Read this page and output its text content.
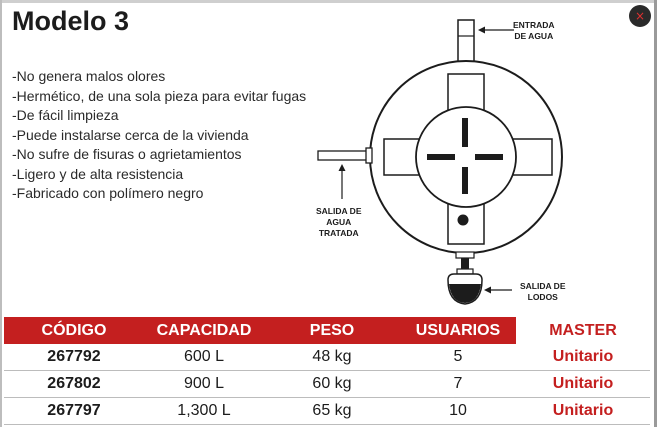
Modelo 3	×
-No genera malos olores
-Hermético, de una sola pieza para evitar fugas
-De fácil limpieza
-Puede instalarse cerca de la vivienda
-No sufre de fisuras o agrietamientos
-Ligero y de alta resistencia
-Fabricado con polímero negro
ENTRADA
DE AGUA
SALIDA DE
AGUA
TRATADA
SALIDA DE
LODOS
CÓDIGO	CAPACIDAD	PESO	USUARIOS	MASTER
267792	600 L	48 kg	5	Unitario
267802	900 L	60 kg	7	Unitario
267797	1,300 L	65 kg	10	Unitario
